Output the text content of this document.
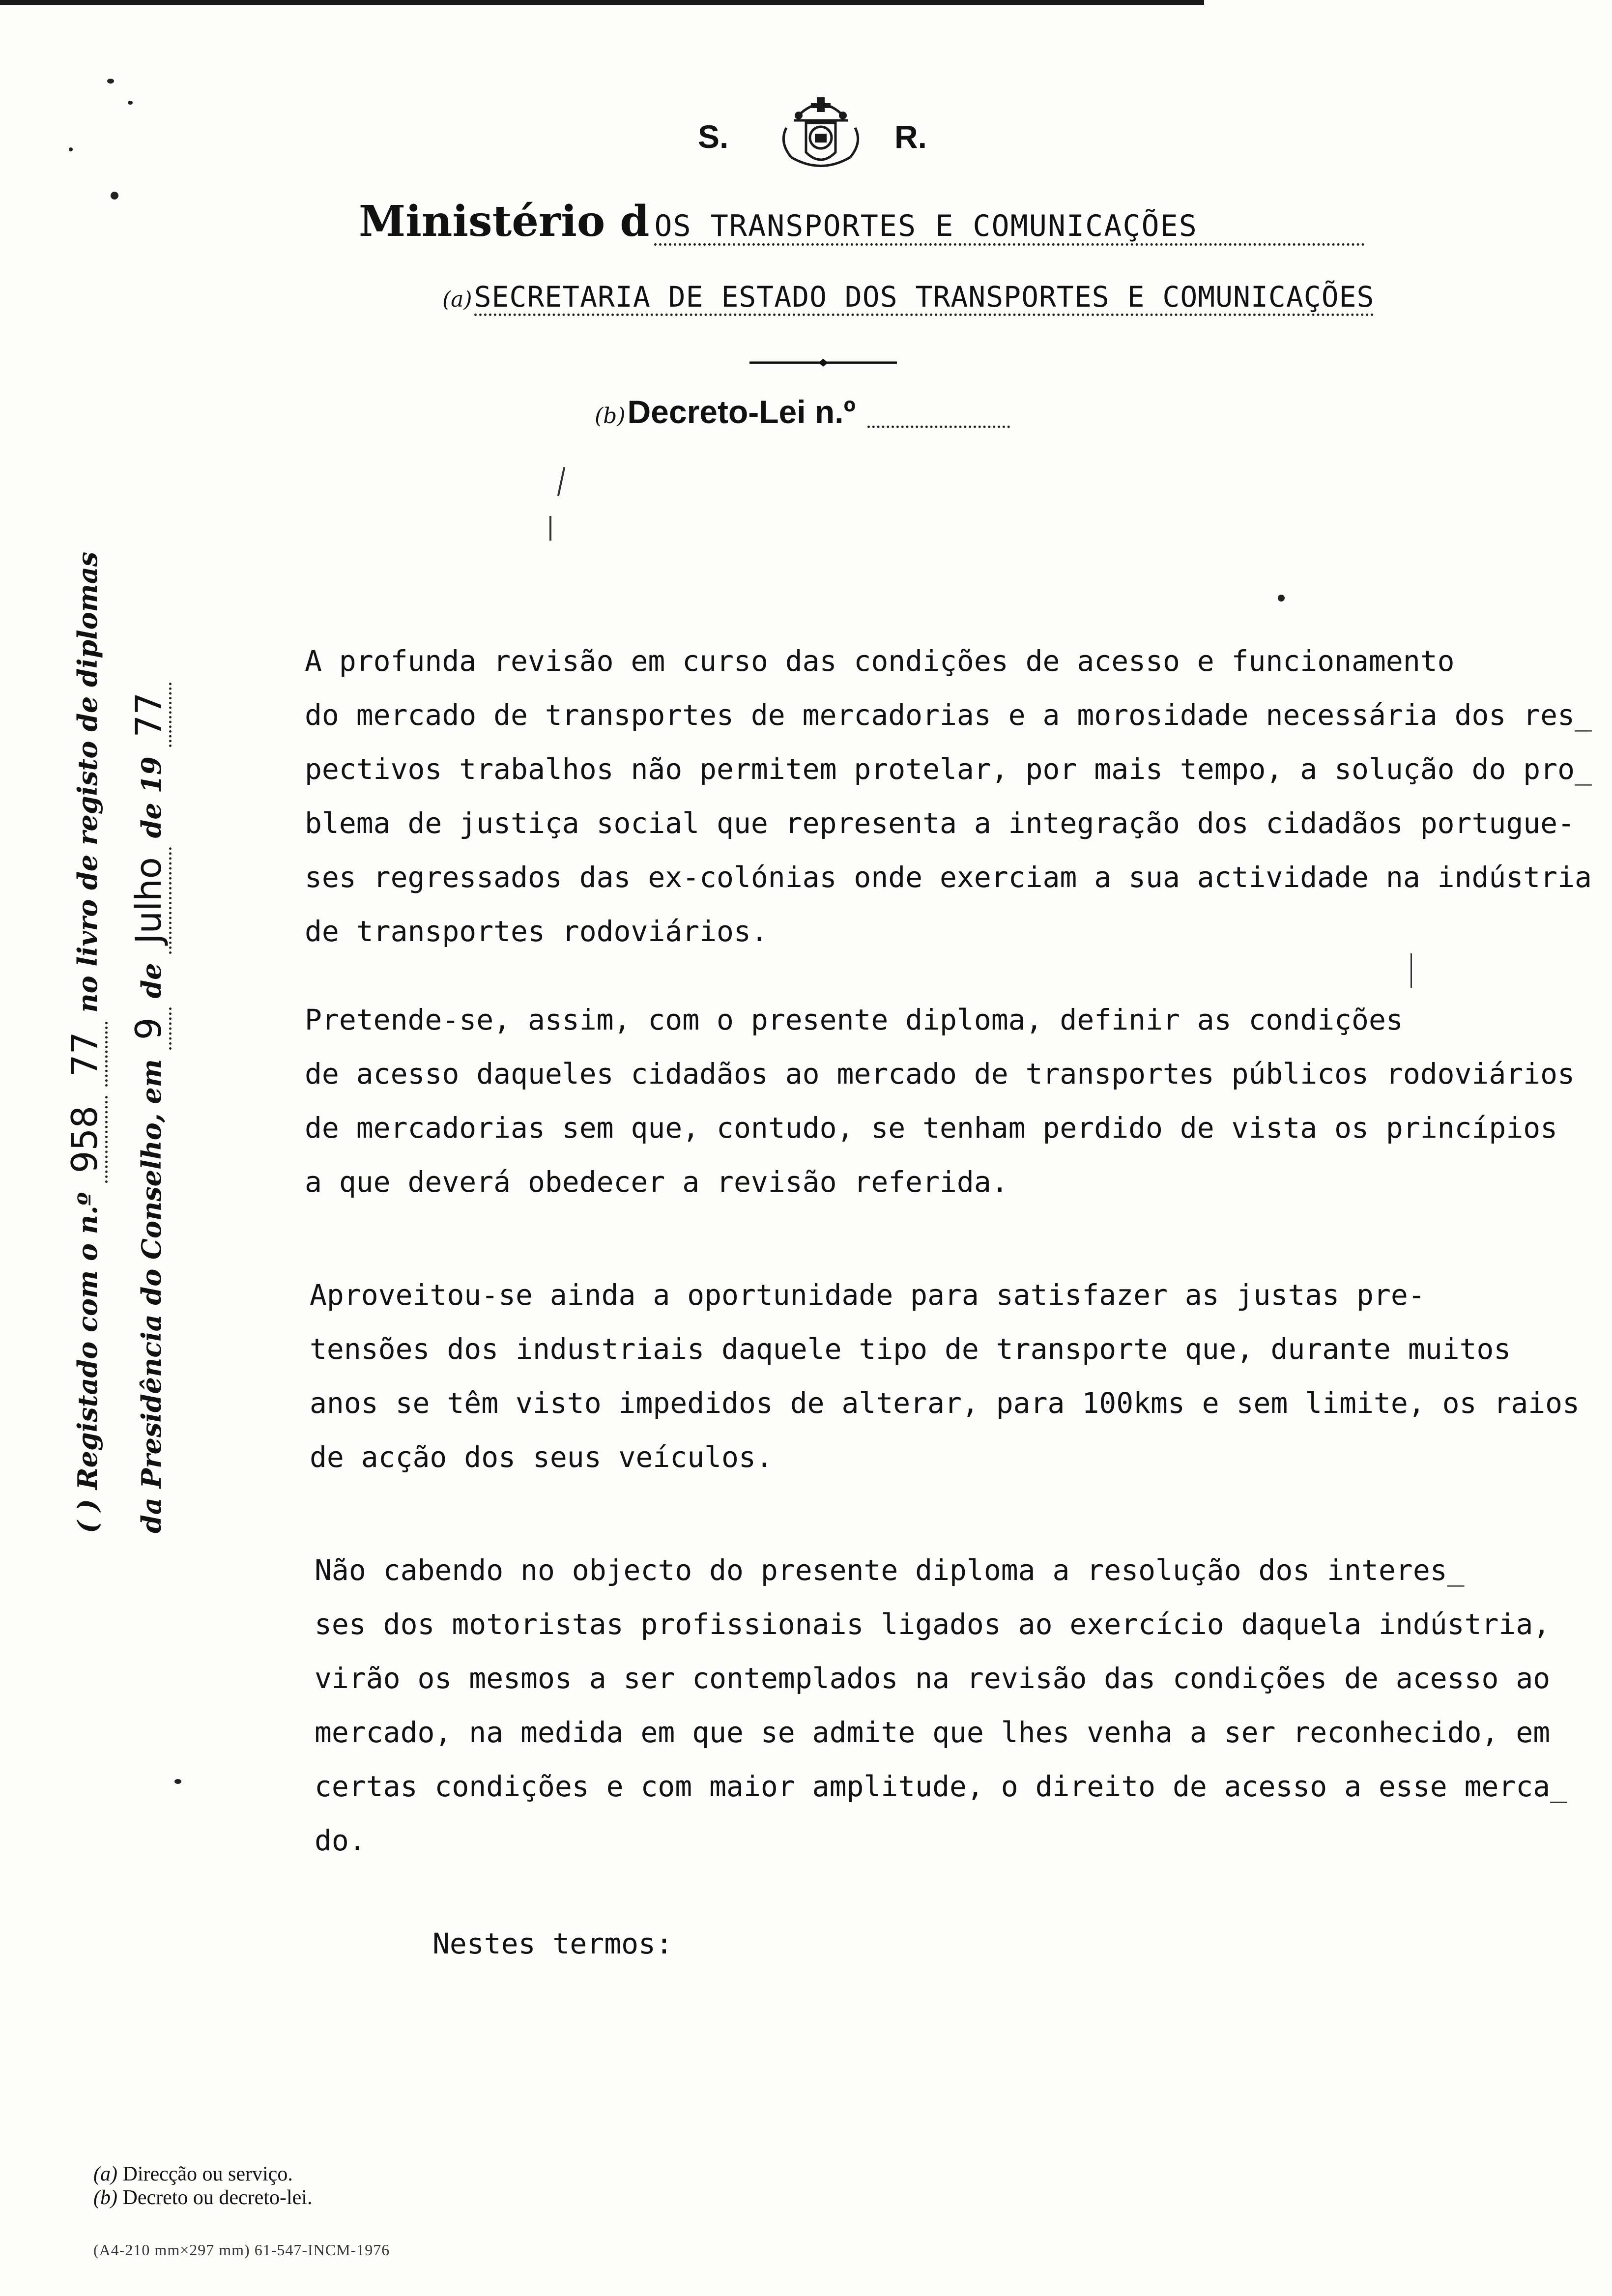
S.	R.
Ministério d OS TRANSPORTES E COMUNICAÇÕES
(a) SECRETARIA DE ESTADO DOS TRANSPORTES E COMUNICAÇÕES
(b) Decreto-Lei n.º
( ) Registado com o n.º 958 77 no livro de registo de diplomas
da Presidência do Conselho, em 9 de Julho de 19 77
A profunda revisão em curso das condições de acesso e funcionamento
do mercado de transportes de mercadorias e a morosidade necessária dos res_
pectivos trabalhos não permitem protelar, por mais tempo, a solução do pro_
blema de justiça social que representa a integração dos cidadãos portugue-
ses regressados das ex-colónias onde exerciam a sua actividade na indústria
de transportes rodoviários.
Pretende-se, assim, com o presente diploma, definir as condições
de acesso daqueles cidadãos ao mercado de transportes públicos rodoviários
de mercadorias sem que, contudo, se tenham perdido de vista os princípios
a que deverá obedecer a revisão referida.
Aproveitou-se ainda a oportunidade para satisfazer as justas pre-
tensões dos industriais daquele tipo de transporte que, durante muitos
anos se têm visto impedidos de alterar, para 100kms e sem limite, os raios
de acção dos seus veículos.
Não cabendo no objecto do presente diploma a resolução dos interes_
ses dos motoristas profissionais ligados ao exercício daquela indústria,
virão os mesmos a ser contemplados na revisão das condições de acesso ao
mercado, na medida em que se admite que lhes venha a ser reconhecido, em
certas condições e com maior amplitude, o direito de acesso a esse merca_
do.
Nestes termos:
(a) Direcção ou serviço.
(b) Decreto ou decreto-lei.
(A4-210 mm×297 mm) 61-547-INCM-1976
